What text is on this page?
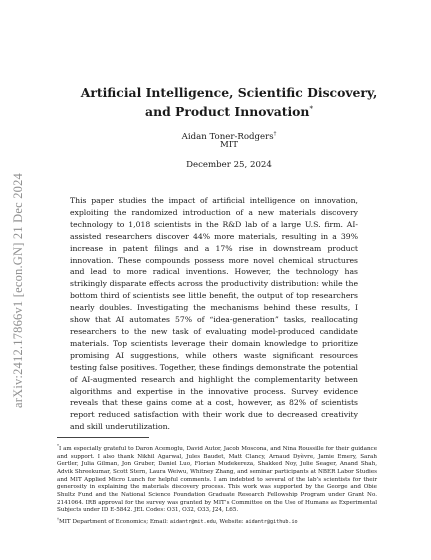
arXiv:2412.17866v1 [econ.GN] 21 Dec 2024
Artificial Intelligence, Scientific Discovery,
and Product Innovation*
Aidan Toner-Rodgers†
MIT
December 25, 2024

This paper studies the impact of artificial intelligence on innovation, exploiting the randomized introduction of a new materials discovery technology to 1,018 scientists in the R&D lab of a large U.S. firm. AI-assisted researchers discover 44% more materials, resulting in a 39% increase in patent filings and a 17% rise in downstream product innovation. These compounds possess more novel chemical structures and lead to more radical inventions. However, the technology has strikingly disparate effects across the productivity distribution: while the bottom third of scientists see little benefit, the output of top researchers nearly doubles. Investigating the mechanisms behind these results, I show that AI automates 57% of “idea-generation” tasks, reallocating researchers to the new task of evaluating model-produced candidate materials. Top scientists leverage their domain knowledge to prioritize promising AI suggestions, while others waste significant resources testing false positives. Together, these findings demonstrate the potential of AI-augmented research and highlight the complementarity between algorithms and expertise in the innovative process. Survey evidence reveals that these gains come at a cost, however, as 82% of scientists report reduced satisfaction with their work due to decreased creativity and skill underutilization.

*I am especially grateful to Daron Acemoglu, David Autor, Jacob Moscona, and Nina Roussille for their guidance and support. I also thank Nikhil Agarwal, Jules Baudet, Matt Clancy, Arnaud Dyèvre, Jamie Emery, Sarah Gertler, Julia Gilman, Jon Gruber, Daniel Luo, Florian Mudekereza, Shakked Noy, Julie Seager, Anand Shah, Advik Shreekumar, Scott Stern, Laura Weiwu, Whitney Zhang, and seminar participants at NBER Labor Studies and MIT Applied Micro Lunch for helpful comments. I am indebted to several of the lab’s scientists for their generosity in explaining the materials discovery process. This work was supported by the George and Obie Shultz Fund and the National Science Foundation Graduate Research Fellowship Program under Grant No. 2141064. IRB approval for the survey was granted by MIT’s Committee on the Use of Humans as Experimental Subjects under ID E-5842. JEL Codes: O31, O32, O33, J24, L65.

†MIT Department of Economics; Email: aidantr@mit.edu, Website: aidantr@github.io
